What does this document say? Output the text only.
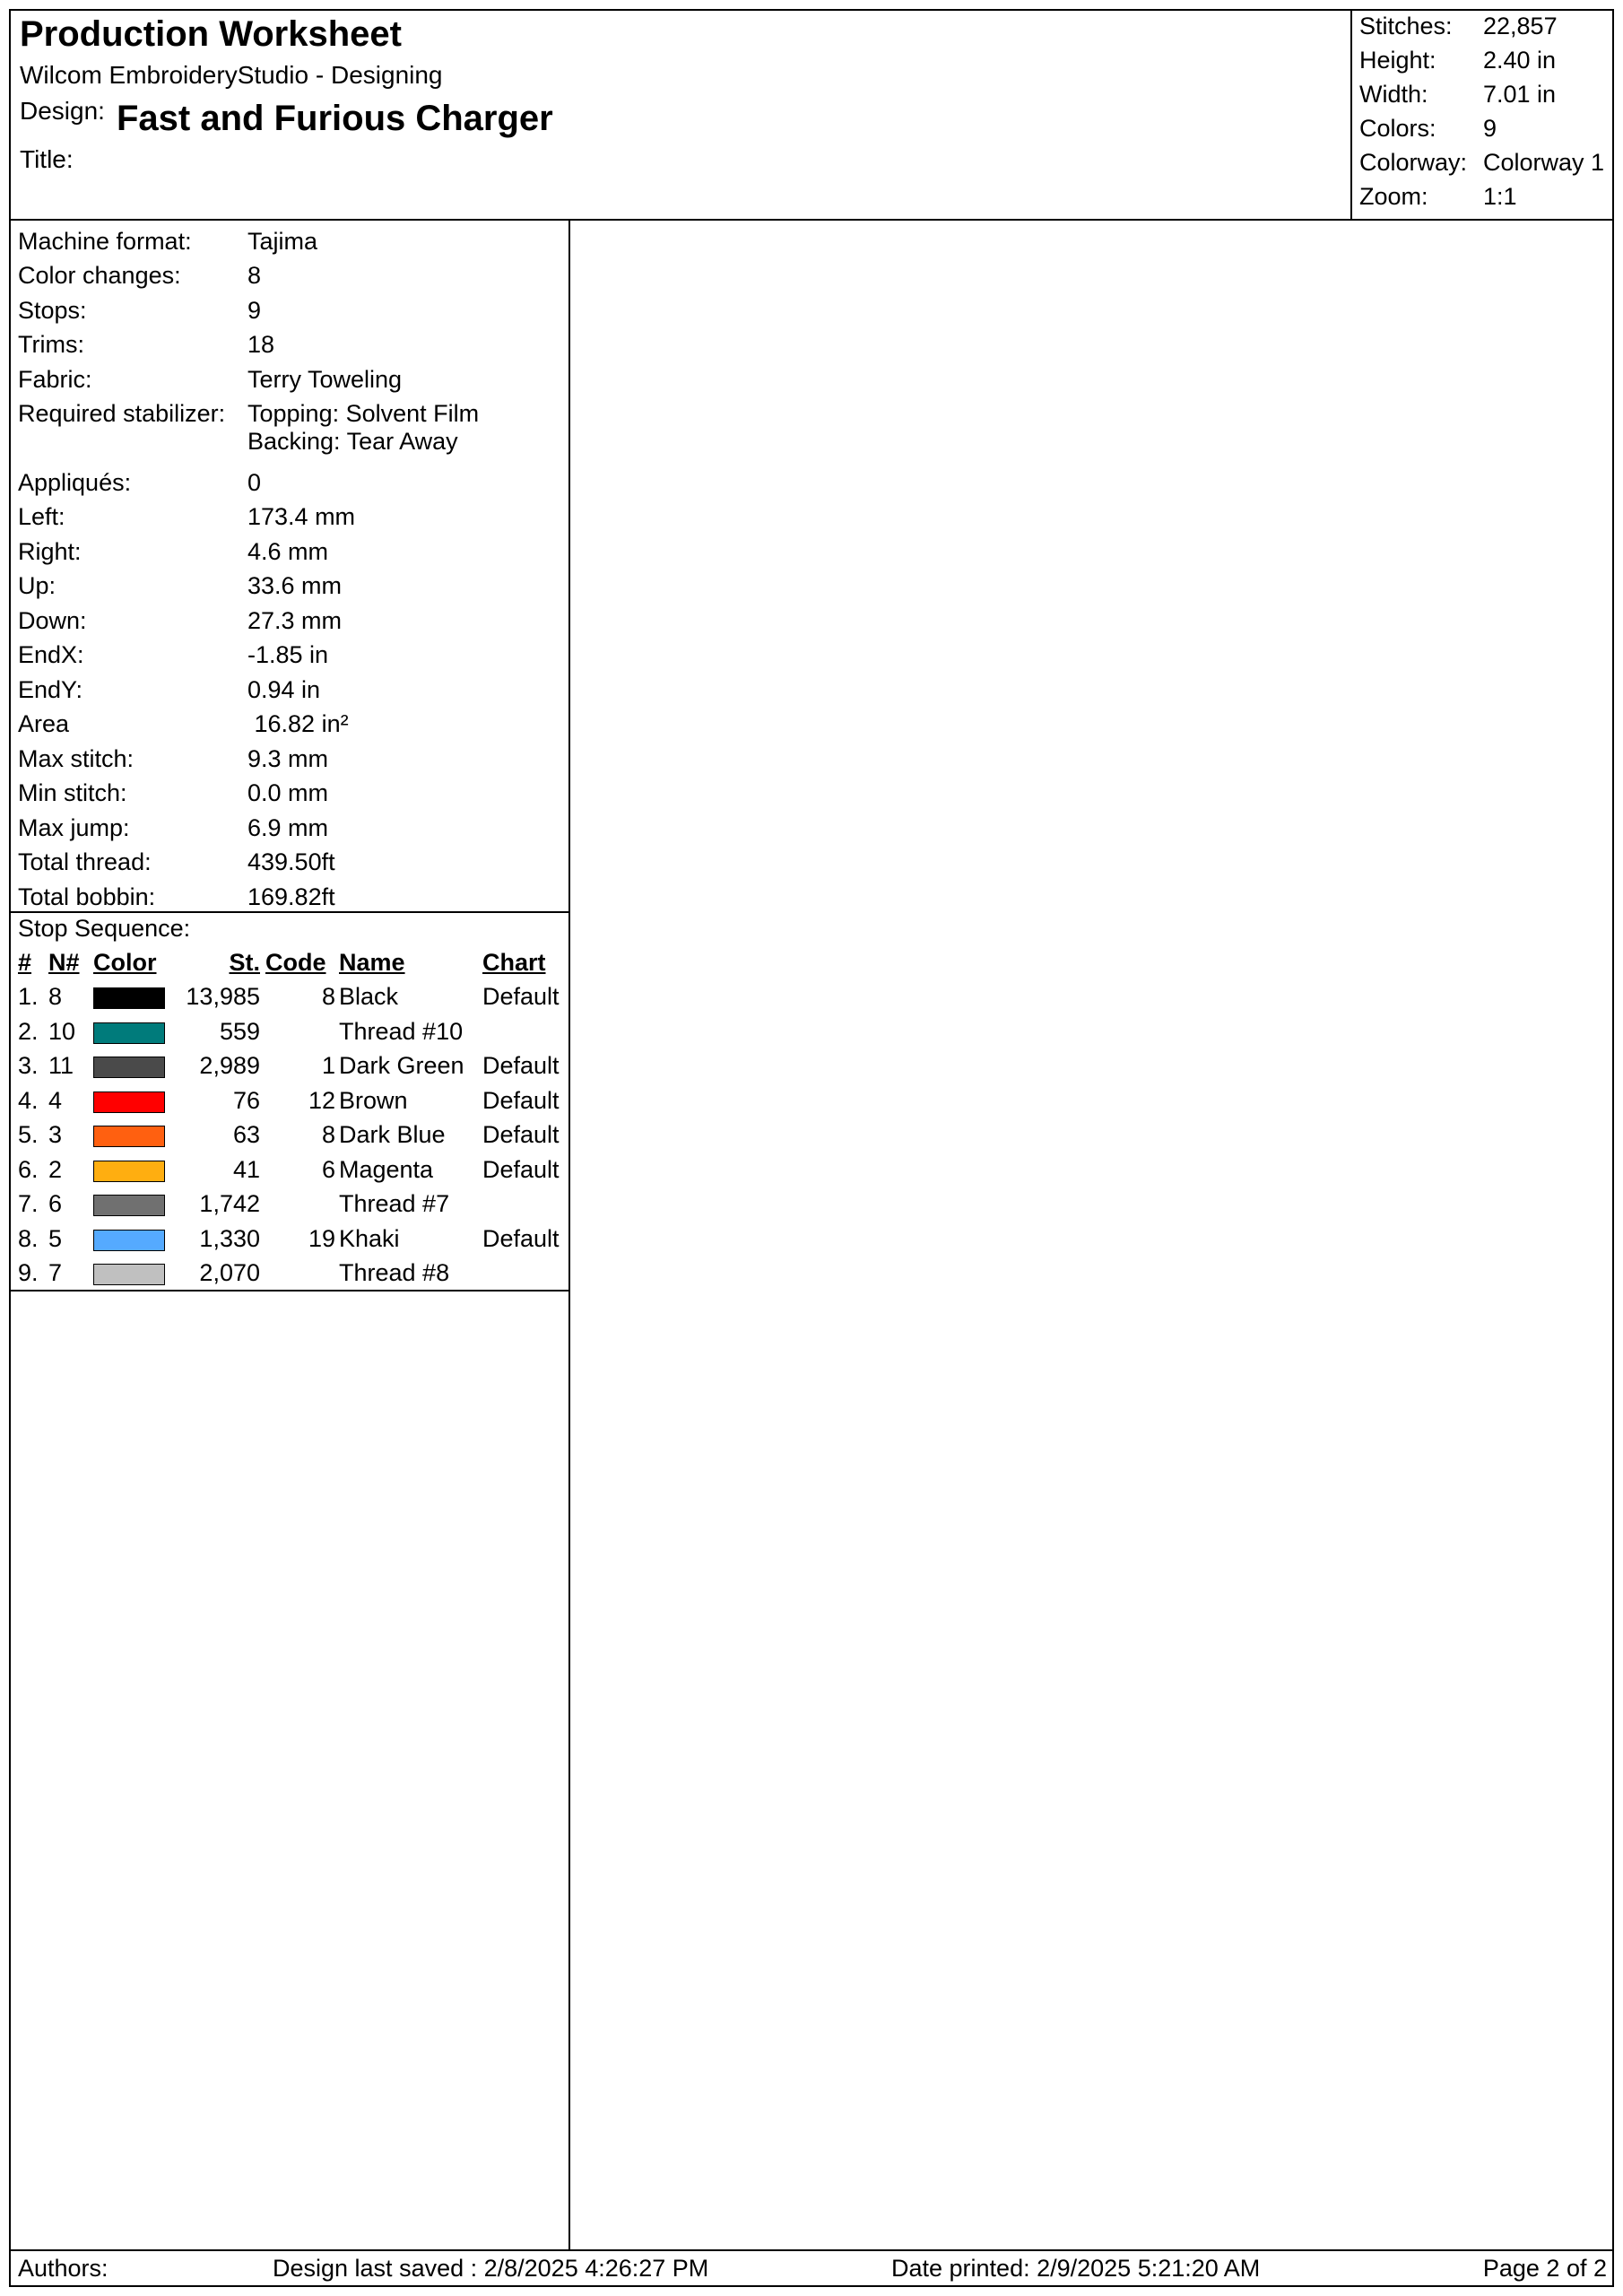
Production Worksheet
Wilcom EmbroideryStudio - Designing
Design: Fast and Furious Charger
Title:
Stitches: 22,857
Height: 2.40 in
Width: 7.01 in
Colors: 9
Colorway: Colorway 1
Zoom: 1:1
Machine format: Tajima
Color changes:	8
Stops:	9
Trims:	18
Fabric:	Terry Toweling
Required stabilizer: Topping: Solvent Film
Backing: Tear Away
Appliqués:	0
Left:	173.4 mm
Right:	4.6 mm
Up:	33.6 mm
Down:	27.3 mm
EndX:	-1.85 in
EndY:	0.94 in
Area	16.82 in²
Max stitch:	9.3 mm
Min stitch:	0.0 mm
Max jump:	6.9 mm
Total thread:	439.50ft
Total bobbin:	169.82ft
Stop Sequence:
# N# Color	St. Code Name	Chart
1. 8	13,985	8 Black	Default
2. 10	559	Thread #10
3. 11	2,989	1 Dark Green Default
4. 4	76	12 Brown	Default
5. 3	63	8 Dark Blue Default
6. 2	41	6 Magenta Default
7. 6	1,742	Thread #7
8. 5	1,330	19 Khaki	Default
9. 7	2,070	Thread #8
Authors:	Design last saved : 2/8/2025 4:26:27 PM	Date printed: 2/9/2025 5:21:20 AM	Page 2 of 2
